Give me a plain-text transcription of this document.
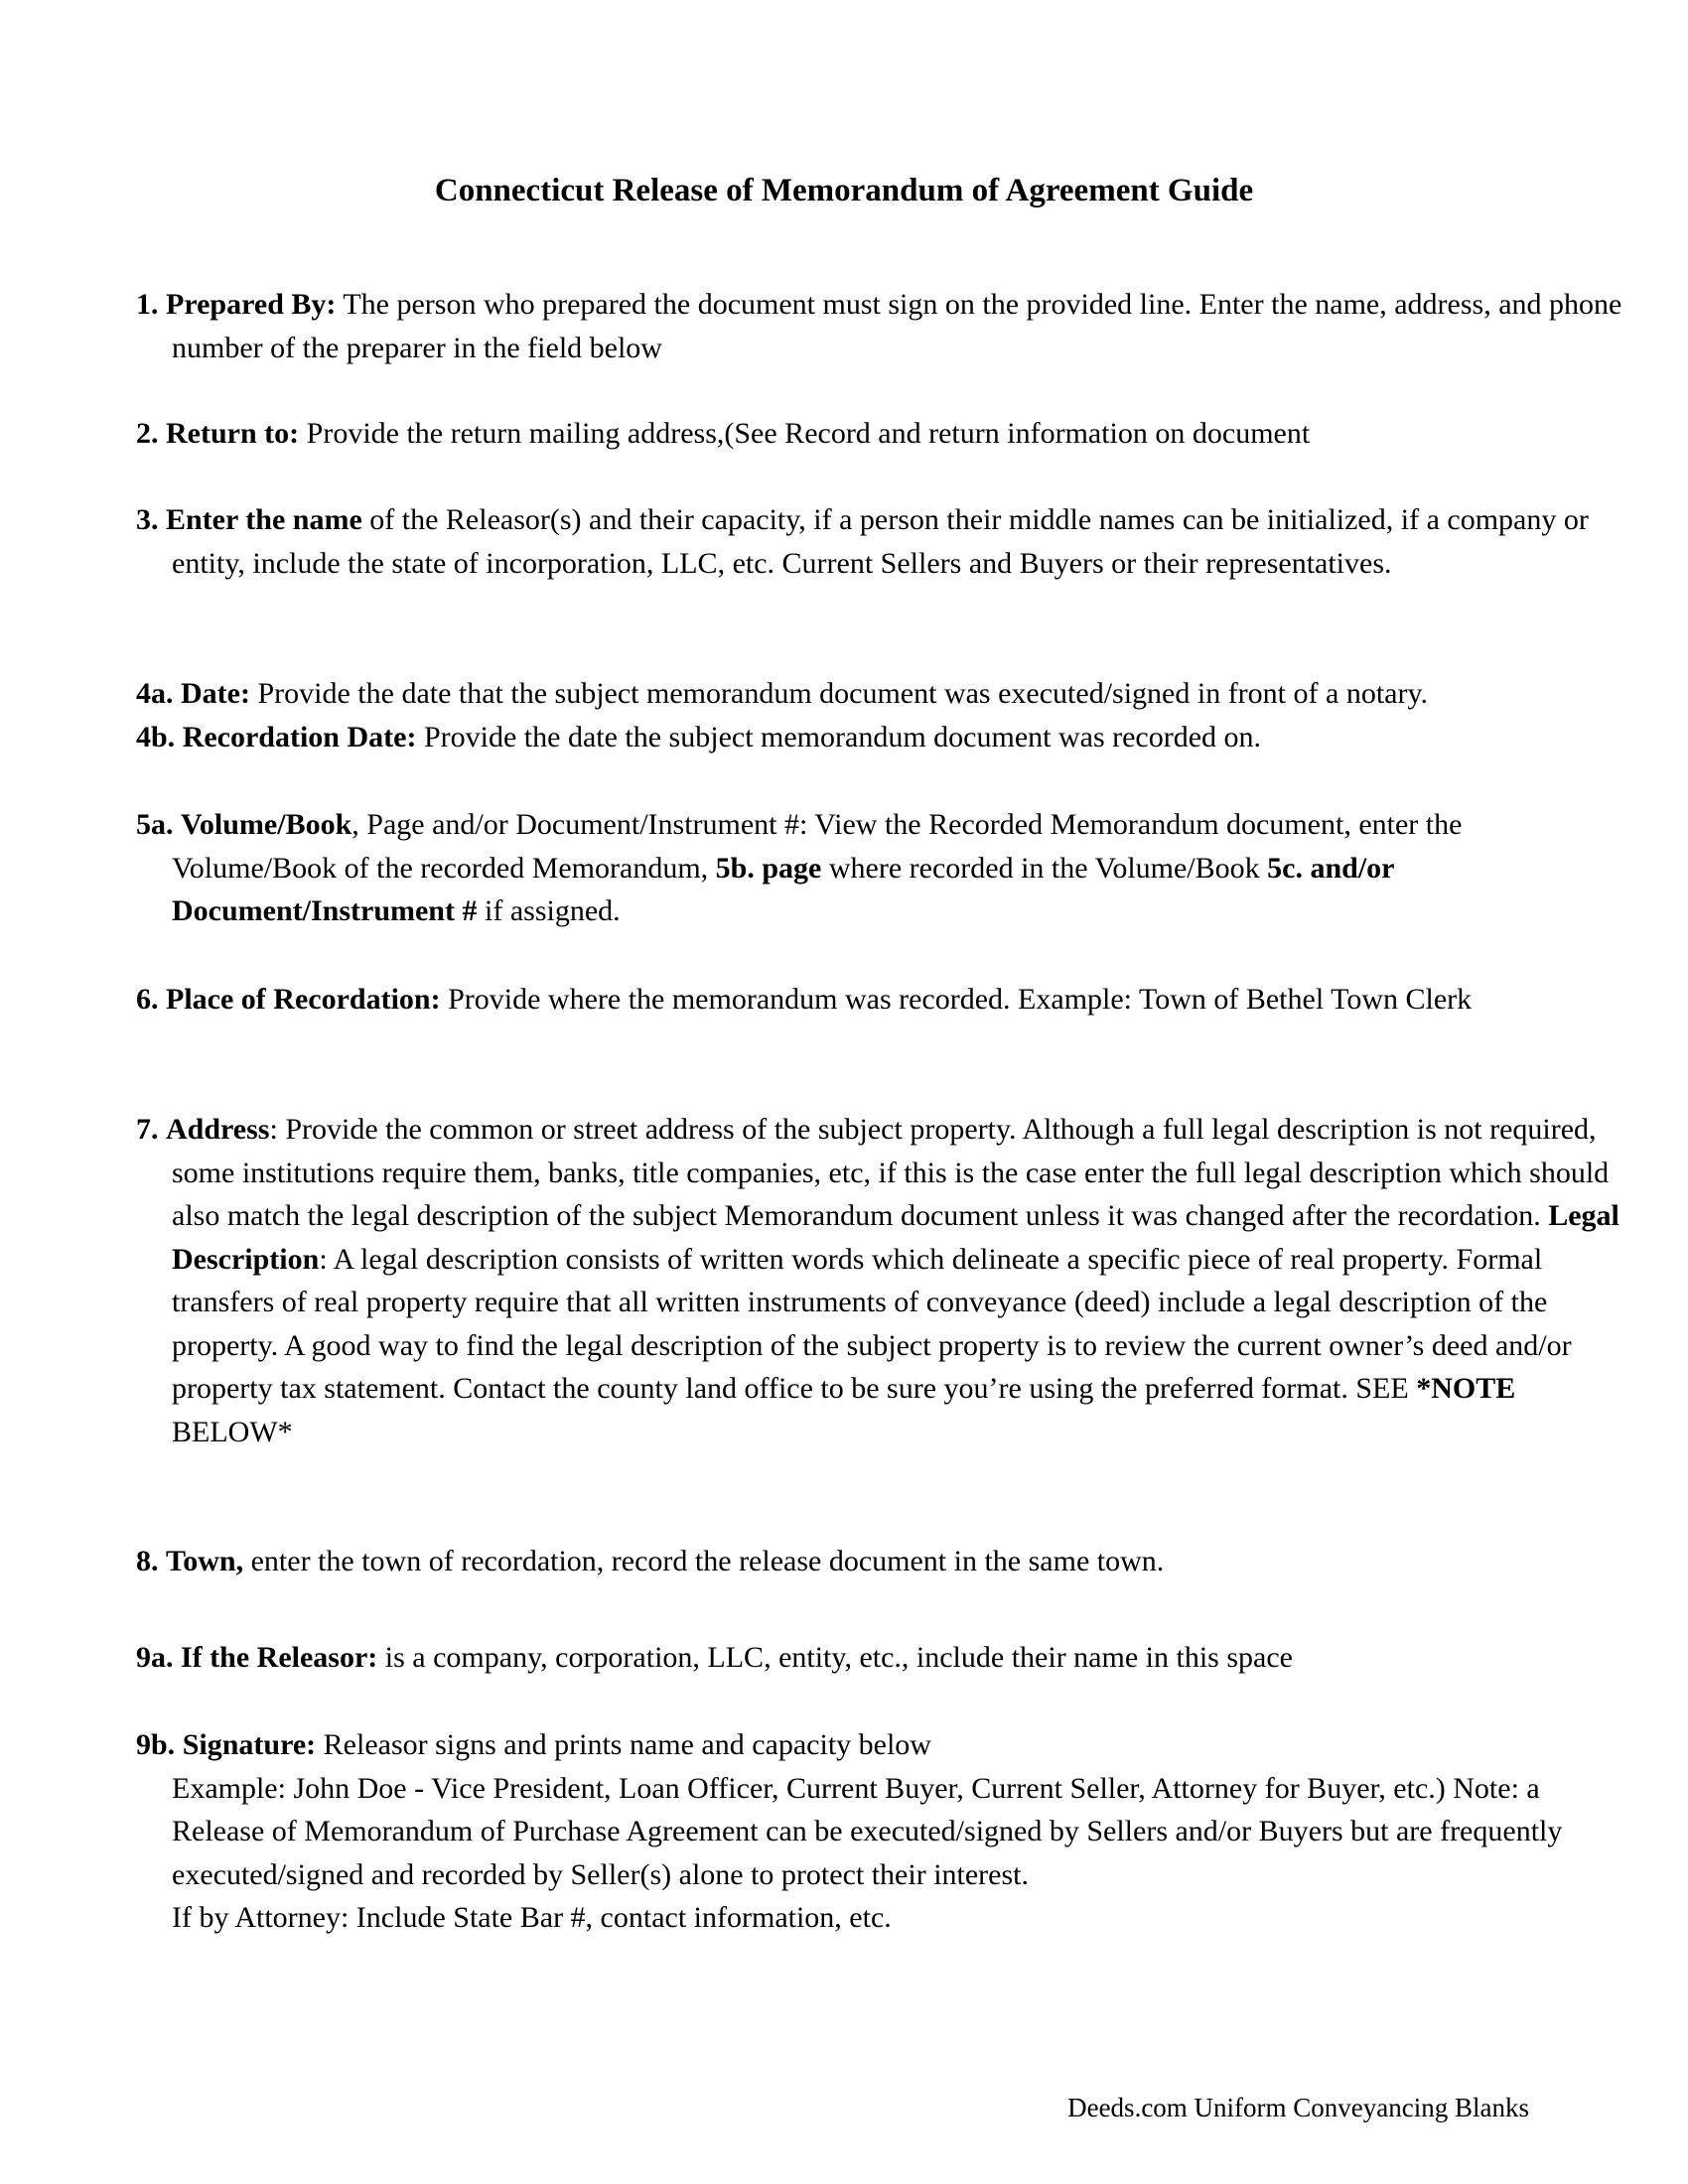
Connecticut Release of Memorandum of Agreement Guide
1. Prepared By: The person who prepared the document must sign on the provided line. Enter the name, address, and phone number of the preparer in the field below
2. Return to: Provide the return mailing address,(See Record and return information on document
3. Enter the name of the Releasor(s) and their capacity, if a person their middle names can be initialized, if a company or entity, include the state of incorporation, LLC, etc. Current Sellers and Buyers or their representatives.
4a. Date: Provide the date that the subject memorandum document was executed/signed in front of a notary.
4b. Recordation Date: Provide the date the subject memorandum document was recorded on.
5a. Volume/Book, Page and/or Document/Instrument #: View the Recorded Memorandum document, enter the Volume/Book of the recorded Memorandum, 5b. page where recorded in the Volume/Book 5c. and/or Document/Instrument # if assigned.
6. Place of Recordation: Provide where the memorandum was recorded. Example: Town of Bethel Town Clerk
7. Address: Provide the common or street address of the subject property. Although a full legal description is not required, some institutions require them, banks, title companies, etc, if this is the case enter the full legal description which should also match the legal description of the subject Memorandum document unless it was changed after the recordation. Legal Description: A legal description consists of written words which delineate a specific piece of real property. Formal transfers of real property require that all written instruments of conveyance (deed) include a legal description of the property. A good way to find the legal description of the subject property is to review the current owner’s deed and/or property tax statement. Contact the county land office to be sure you’re using the preferred format. SEE *NOTE BELOW*
8. Town, enter the town of recordation, record the release document in the same town.
9a. If the Releasor: is a company, corporation, LLC, entity, etc., include their name in this space
9b. Signature: Releasor signs and prints name and capacity below
Example: John Doe - Vice President, Loan Officer, Current Buyer, Current Seller, Attorney for Buyer, etc.) Note: a Release of Memorandum of Purchase Agreement can be executed/signed by Sellers and/or Buyers but are frequently executed/signed and recorded by Seller(s) alone to protect their interest.
If by Attorney: Include State Bar #, contact information, etc.
Deeds.com Uniform Conveyancing Blanks
